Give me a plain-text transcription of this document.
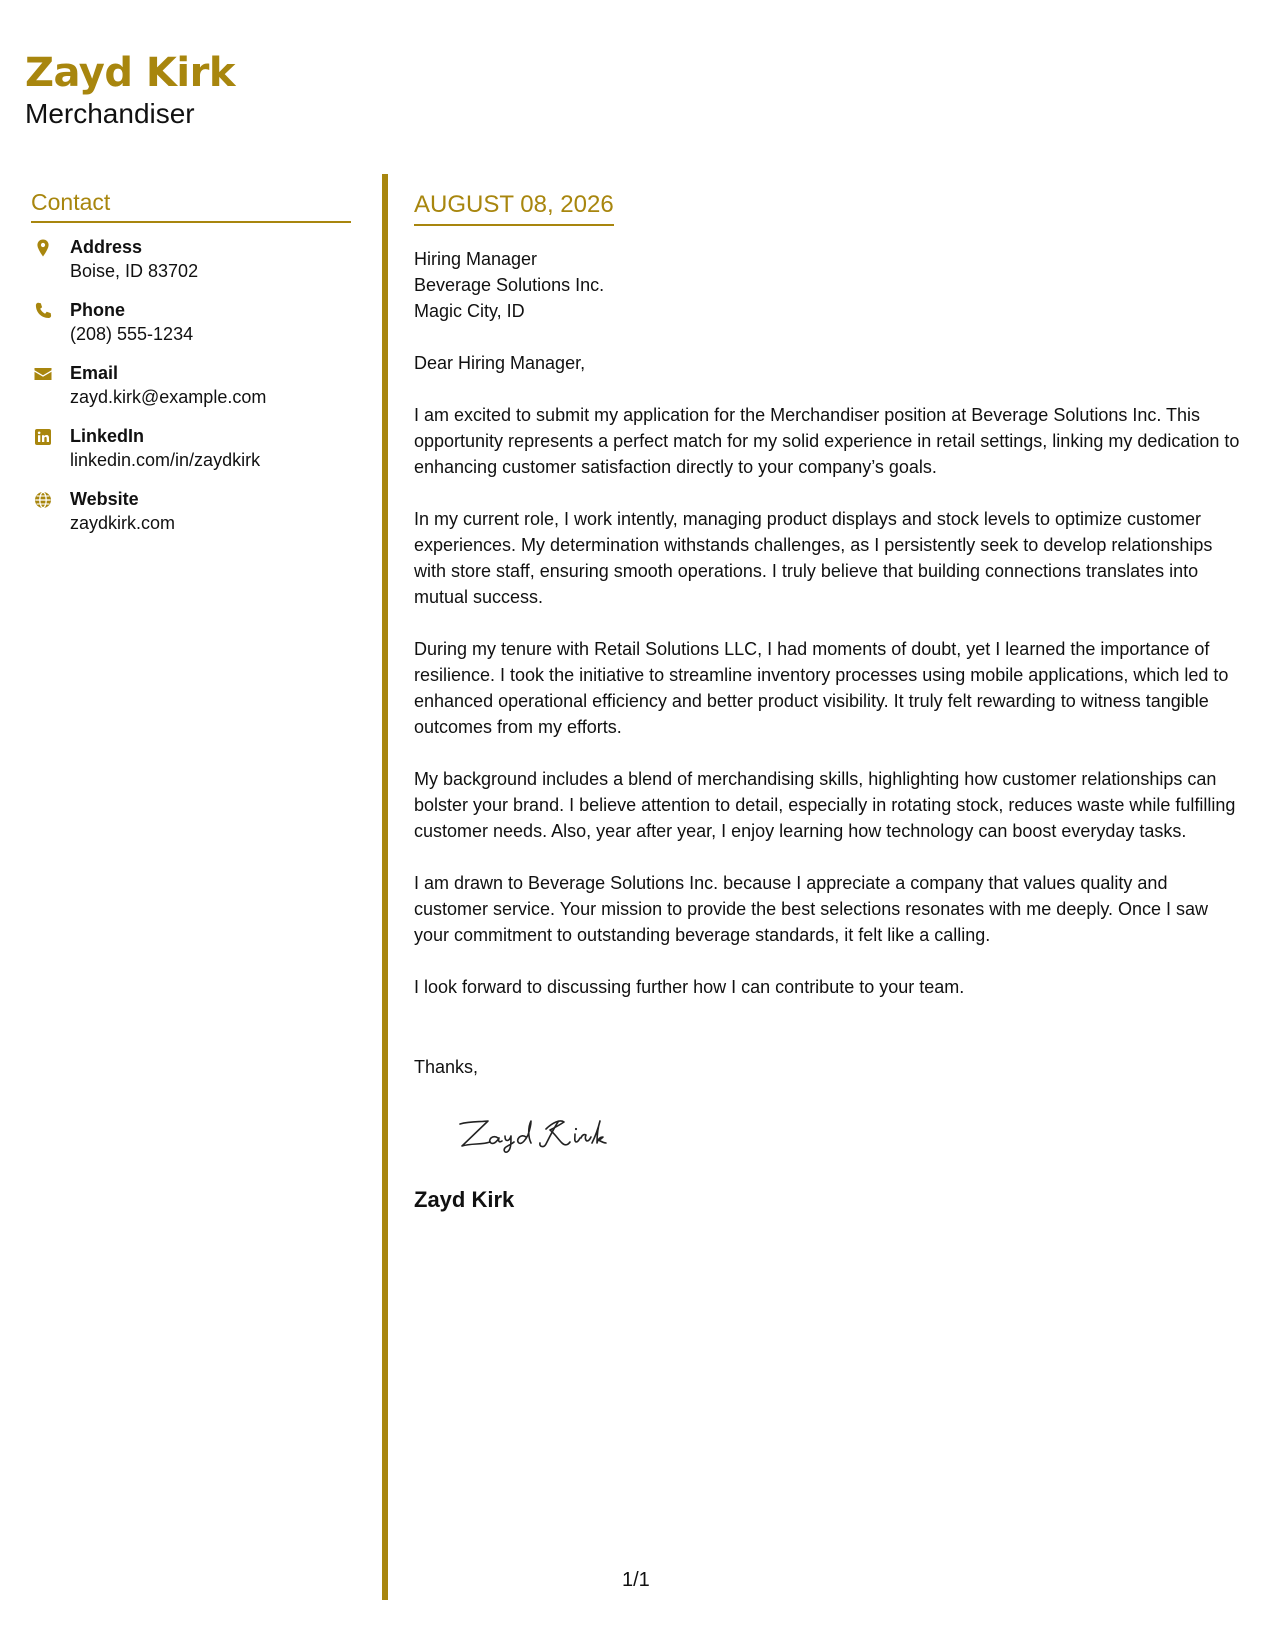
Zayd Kirk
Merchandiser
Contact
Address
Boise, ID 83702
Phone
(208) 555-1234
Email
zayd.kirk@example.com
LinkedIn
linkedin.com/in/zaydkirk
Website
zaydkirk.com
AUGUST 08, 2026
Hiring Manager
Beverage Solutions Inc.
Magic City, ID
Dear Hiring Manager,

I am excited to submit my application for the Merchandiser position at Beverage Solutions Inc. This opportunity represents a perfect match for my solid experience in retail settings, linking my dedication to enhancing customer satisfaction directly to your company’s goals.

In my current role, I work intently, managing product displays and stock levels to optimize customer experiences. My determination withstands challenges, as I persistently seek to develop relationships with store staff, ensuring smooth operations. I truly believe that building connections translates into mutual success.

During my tenure with Retail Solutions LLC, I had moments of doubt, yet I learned the importance of resilience. I took the initiative to streamline inventory processes using mobile applications, which led to enhanced operational efficiency and better product visibility. It truly felt rewarding to witness tangible outcomes from my efforts.

My background includes a blend of merchandising skills, highlighting how customer relationships can bolster your brand. I believe attention to detail, especially in rotating stock, reduces waste while fulfilling customer needs. Also, year after year, I enjoy learning how technology can boost everyday tasks.

I am drawn to Beverage Solutions Inc. because I appreciate a company that values quality and customer service. Your mission to provide the best selections resonates with me deeply. Once I saw your commitment to outstanding beverage standards, it felt like a calling.

I look forward to discussing further how I can contribute to your team.

Thanks,
Zayd Kirk
1/1
